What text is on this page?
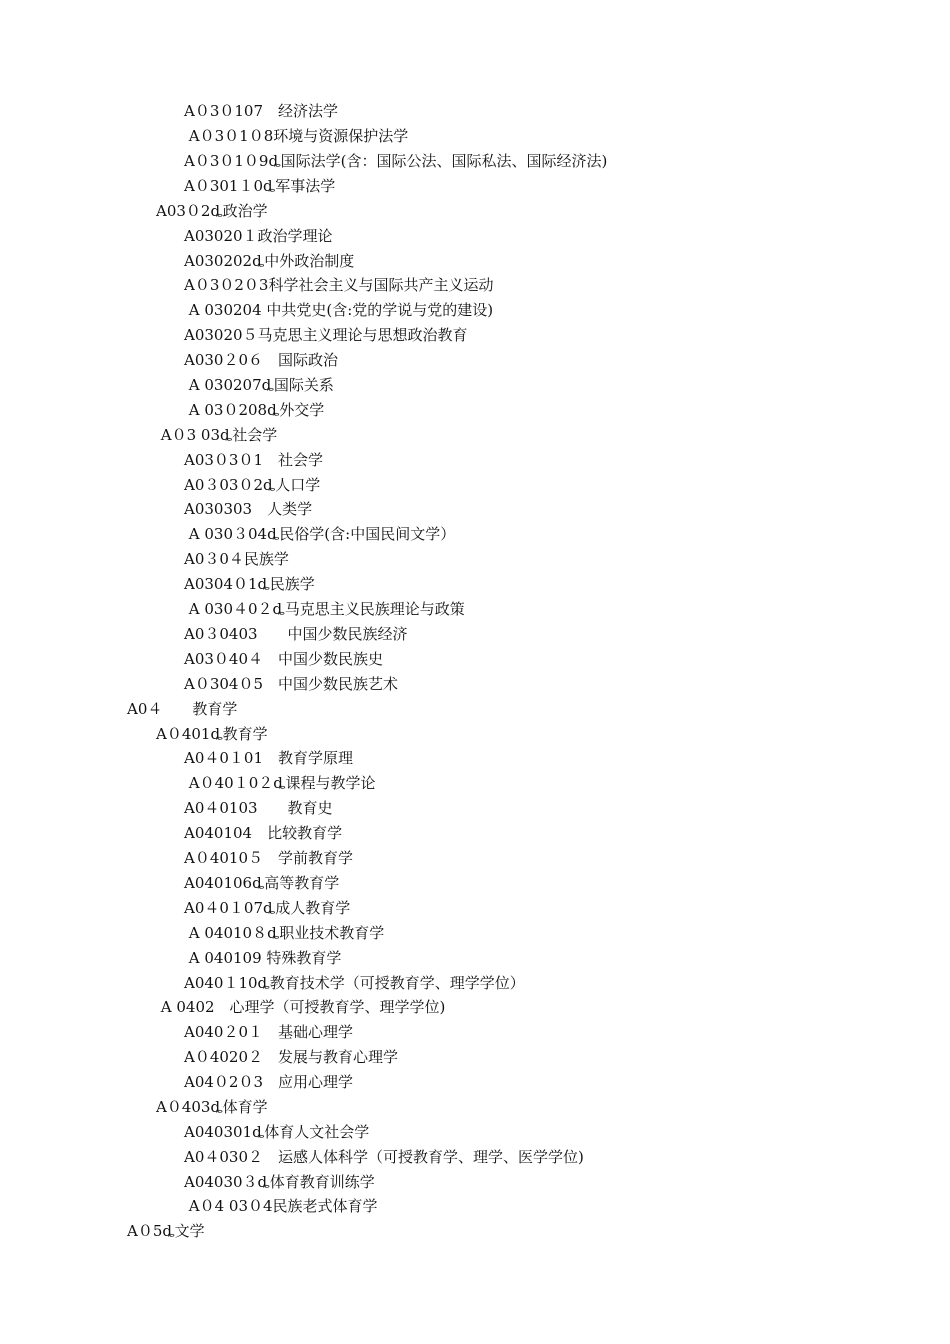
A０3０107　经济法学
A０3０1０8环境与资源保护法学
A０3０1０9ȡ国际法学(含：国际公法、国际私法、国际经济法)
A０301１0ȡ军事法学
A03０2ȡ政治学
A03020１政治学理论
A030202ȡ中外政治制度
A０3０2０3科学社会主义与国际共产主义运动
A 030204 中共党史(含:党的学说与党的建设)
A03020５马克思主义理论与思想政治教育
A030２0６　国际政治
A 030207ȡ国际关系
A 03０208ȡ外交学
A０3 03ȡ社会学
A03０3０1　社会学
A0３03０2ȡ人口学
A030303　人类学
A 030３04ȡ民俗学(含:中国民间文学）
A0３0４民族学
A0304０1ȡ民族学
A 030４0２ȡ马克思主义民族理论与政策
A0３0403　　中国少数民族经济
A03０40４　中国少数民族史
A０304０5　中国少数民族艺术
A0４　　教育学
A０401ȡ教育学
A0４0１01　教育学原理
A０40１0２ȡ课程与教学论
A0４0103　　教育史
A040104　比较教育学
A０4010５　学前教育学
A040106ȡ高等教育学
A0４0１07ȡ成人教育学
A 04010８ȡ职业技术教育学
A 040109 特殊教育学
A040１10ȡ教育技术学（可授教育学、理学学位）
A 0402　心理学（可授教育学、理学学位)
A040２0１　基础心理学
A０4020２　发展与教育心理学
A04０2０3　应用心理学
A０403ȡ体育学
A040301ȡ体育人文社会学
A0４030２　运感人体科学（可授教育学、理学、医学学位)
A04030３ȡ体育教育训练学
A０4 03０4民族老式体育学
A０5ȡ文学
